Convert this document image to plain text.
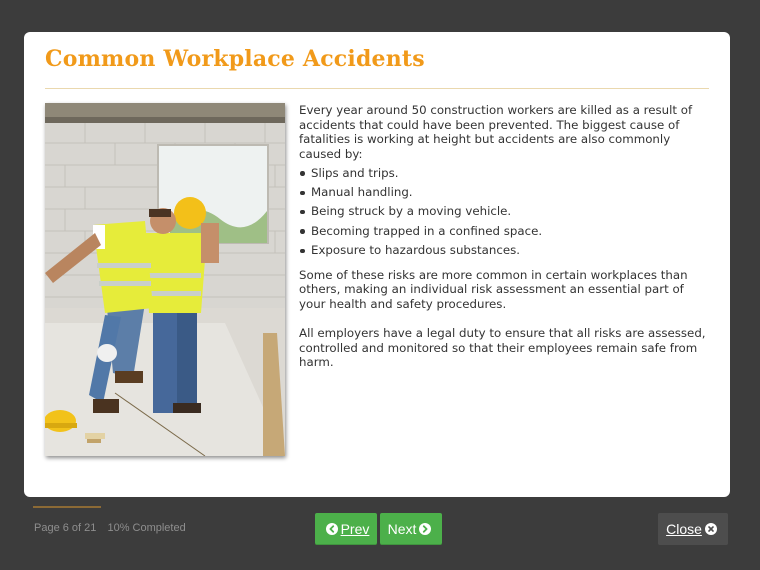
Common Workplace Accidents

Every year around 50 construction workers are killed as a result of accidents that could have been prevented. The biggest cause of fatalities is working at height but accidents are also commonly caused by:

Slips and trips.
Manual handling.
Being struck by a moving vehicle.
Becoming trapped in a confined space.
Exposure to hazardous substances.

Some of these risks are more common in certain workplaces than others, making an individual risk assessment an essential part of your health and safety procedures.

All employers have a legal duty to ensure that all risks are assessed, controlled and monitored so that their employees remain safe from harm.

Page 6 of 21 10% Completed	Prev Next	Close
